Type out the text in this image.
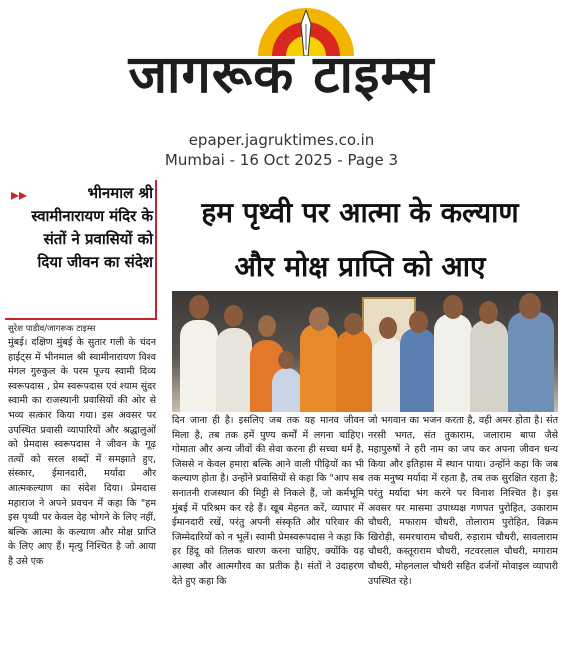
जागरूक टाइम्स
epaper.jagruktimes.co.in
Mumbai - 16 Oct 2025 - Page 3
▸▸	भीनमाल श्री स्वामीनारायण मंदिर के संतों ने प्रवासियों को दिया जीवन का संदेश
हम पृथ्वी पर आत्मा के कल्याण
और मोक्ष प्राप्ति को आए
सुरेश पाडीव/जागरूक टाइम्स
मुंबई। दक्षिण मुंबई के सुतार गली के चंदन हाईट्स में भीनमाल श्री स्वामीनारायण विश्व मंगल गुरुकुल के परम पूज्य स्वामी दिव्य स्वरूपदास , प्रेम स्वरूपदास एवं श्याम सुंदर स्वामी का राजस्थानी प्रवासियों की ओर से भव्य सत्कार किया गया। इस अवसर पर उपस्थित प्रवासी व्यापारियों और श्रद्धालुओं को प्रेमदास स्वरूपदास ने जीवन के गूढ़ तत्वों को सरल शब्दों में समझाते हुए, संस्कार, ईमानदारी, मर्यादा और आत्मकल्याण का संदेश दिया। प्रेमदास महाराज ने अपने प्रवचन में कहा कि "हम इस पृथ्वी पर केवल देह भोगने के लिए नहीं, बल्कि आत्मा के कल्याण और मोक्ष प्राप्ति के लिए आए हैं। मृत्यु निश्चित है जो आया है उसे एक
दिन जाना ही है। इसलिए जब तक यह मानव जीवन मिला है, तब तक हमें पुण्य कर्मों में लगना चाहिए। गोमाता और अन्य जीवों की सेवा करना ही सच्चा धर्म है, जिससे न केवल हमारा बल्कि आने वाली पीढ़ियों का भी कल्याण होता है। उन्होंने प्रवासियों से कहा कि "आप सब सनातनी राजस्थान की मिट्टी से निकले हैं, जो कर्मभूमि मुंबई में परिश्रम कर रहे हैं। खूब मेहनत करें, व्यापार में ईमानदारी रखें, परंतु अपनी संस्कृति और परिवार की जिम्मेदारियों को न भूलें। स्वामी प्रेमस्वरूपदास ने कहा कि हर हिंदू को तिलक धारण करना चाहिए, क्योंकि यह आस्था और आत्मगौरव का प्रतीक है। संतों ने उदाहरण देते हुए कहा कि
जो भगवान का भजन करता है, वही अमर होता है। संत नरसी भगत, संत तुकाराम, जलाराम बापा जैसे महापुरुषों ने हरी नाम का जप कर अपना जीवन धन्य किया और इतिहास में स्थान पाया। उन्होंने कहा कि जब तक मनुष्य मर्यादा में रहता है, तब तक सुरक्षित रहता है; परंतु मर्यादा भंग करने पर विनाश निश्चित है। इस अवसर पर मासमा उपाध्यक्ष गणपत पुरोहित, उकाराम चौधरी, मफाराम चौधरी, तोलाराम पुरोहित, विक्रम खिरोड़ी, समरथाराम चौधरी, रुड़ाराम चौधरी, सावलाराम चौधरी, कस्तूराराम चौधरी, नटवरलाल चौधरी, मगाराम चौधरी, मोहनलाल चौधरी सहित दर्जनों मोवाइल व्यापारी उपस्थित रहे।
